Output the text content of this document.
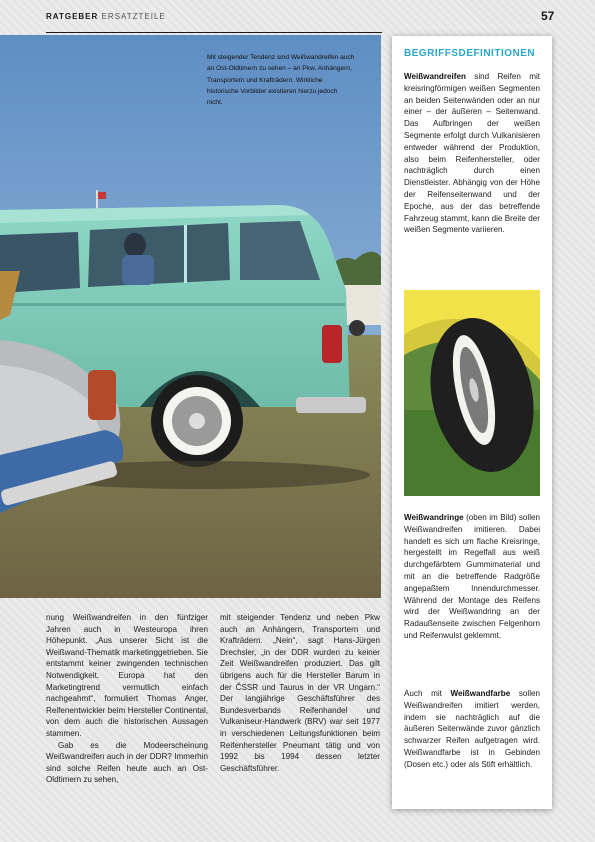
RATGEBER ERSATZTEILE	57
Mit steigender Tendenz sind Weißwandreifen auch an Ost-Oldtimern zu sehen – an Pkw, Anhängern, Transportern und Krafträdern. Wirkliche historische Vorbilder existieren hierzu jedoch nicht.

nung Weißwandreifen in den fünfziger Jahren auch in Westeuropa ihren Höhepunkt. „Aus unserer Sicht ist die Weißwand-Thematik marketinggetrieben. Sie entstammt keiner zwingenden technischen Notwendigkeit. Europa hat den Marketingtrend vermutlich einfach nachgeahmt“, formuliert Thomas Anger, Reifenentwickler beim Hersteller Continental, von dem auch die historischen Aussagen stammen.

Gab es die Modeerscheinung Weißwandreifen auch in der DDR? Immerhin sind solche Reifen heute auch an Ost-Oldtimern zu sehen,

mit steigender Tendenz und neben Pkw auch an Anhängern, Transportern und Krafträdern. „Nein“, sagt Hans-Jürgen Drechsler, „in der DDR wurden zu keiner Zeit Weißwandreifen produziert. Das gilt übrigens auch für die Hersteller Barum in der ČSSR und Taurus in der VR Ungarn.“ Der langjährige Geschäftsführer des Bundesverbands Reifenhandel und Vulkaniseur-Handwerk (BRV) war seit 1977 in verschiedenen Leitungsfunktionen beim Reifenhersteller Pneumant tätig und von 1992 bis 1994 dessen letzter Geschäftsführer.

BEGRIFFSDEFINITIONEN

Weißwandreifen sind Reifen mit kreisringförmigen weißen Segmenten an beiden Seitenwänden oder an nur einer – der äußeren – Seitenwand. Das Aufbringen der weißen Segmente erfolgt durch Vulkanisieren entweder während der Produktion, also beim Reifenhersteller, oder nachträglich durch einen Dienstleister. Abhängig von der Höhe der Reifenseitenwand und der Epoche, aus der das betreffende Fahrzeug stammt, kann die Breite der weißen Segmente variieren.

Weißwandringe (oben im Bild) sollen Weißwandreifen imitieren. Dabei handelt es sich um flache Kreisringe, hergestellt im Regelfall aus weiß durchgefärbtem Gummimaterial und mit an die betreffende Radgröße angepaßtem Innendurchmesser. Während der Montage des Reifens wird der Weißwandring an der Radaußenseite zwischen Felgenhorn und Reifenwulst geklemmt.

Auch mit Weißwandfarbe sollen Weißwandreifen imitiert werden, indem sie nachträglich auf die äußeren Seitenwände zuvor gänzlich schwarzer Reifen aufgetragen wird. Weißwandfarbe ist in Gebinden (Dosen etc.) oder als Stift erhältlich.
